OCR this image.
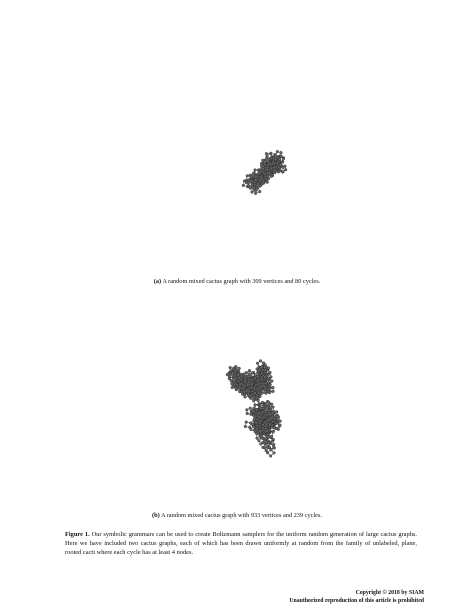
(a) A random mixed cactus graph with 309 vertices and 80 cycles.
(b) A random mixed cactus graph with 933 vertices and 239 cycles.
Figure 1. Our symbolic grammars can be used to create Boltzmann samplers for the uniform random generation of large cactus graphs. Here we have included two cactus graphs, each of which has been drawn uniformly at random from the family of unlabeled, plane, rooted cacti where each cycle has at least 4 nodes.
Copyright © 2018 by SIAM
Unauthorized reproduction of this article is prohibited
